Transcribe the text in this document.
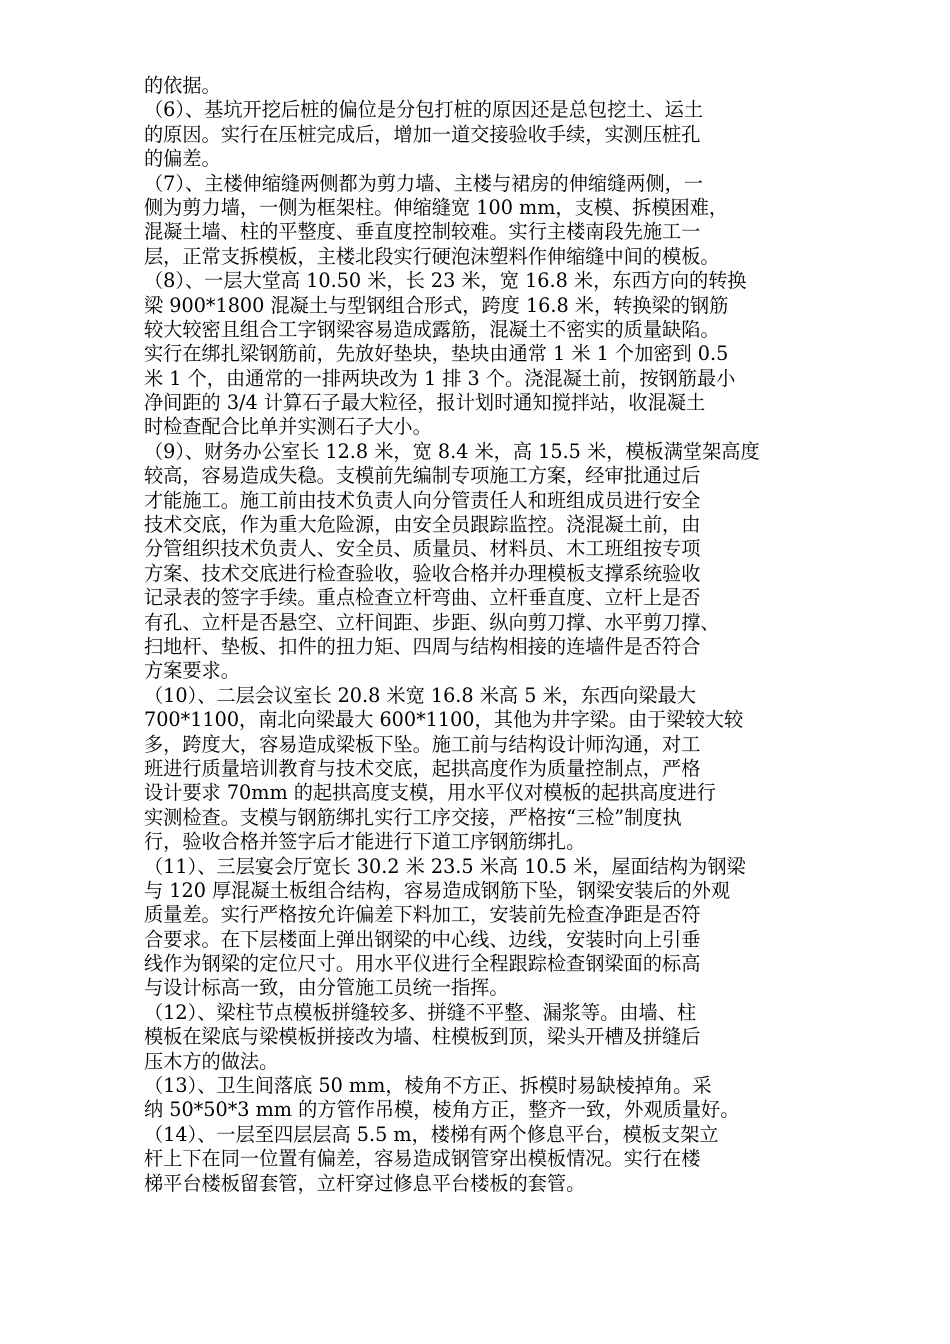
的依据。
（6）、基坑开挖后桩的偏位是分包打桩的原因还是总包挖土、运土
的原因。实行在压桩完成后，增加一道交接验收手续，实测压桩孔
的偏差。
（7）、主楼伸缩缝两侧都为剪力墙、主楼与裙房的伸缩缝两侧，一
侧为剪力墙，一侧为框架柱。伸缩缝宽 100 mm，支模、拆模困难，
混凝土墙、柱的平整度、垂直度控制较难。实行主楼南段先施工一
层，正常支拆模板，主楼北段实行硬泡沫塑料作伸缩缝中间的模板。
（8）、一层大堂高 10.50 米，长 23 米，宽 16.8 米，东西方向的转换
梁 900*1800 混凝土与型钢组合形式，跨度 16.8 米，转换梁的钢筋
较大较密且组合工字钢梁容易造成露筋，混凝土不密实的质量缺陷。
实行在绑扎梁钢筋前，先放好垫块，垫块由通常 1 米 1 个加密到 0.5
米 1 个，由通常的一排两块改为 1 排 3 个。浇混凝土前，按钢筋最小
净间距的 3/4 计算石子最大粒径，报计划时通知搅拌站，收混凝土
时检查配合比单并实测石子大小。
（9）、财务办公室长 12.8 米，宽 8.4 米，高 15.5 米，模板满堂架高度
较高，容易造成失稳。支模前先编制专项施工方案，经审批通过后
才能施工。施工前由技术负责人向分管责任人和班组成员进行安全
技术交底，作为重大危险源，由安全员跟踪监控。浇混凝土前，由
分管组织技术负责人、安全员、质量员、材料员、木工班组按专项
方案、技术交底进行检查验收，验收合格并办理模板支撑系统验收
记录表的签字手续。重点检查立杆弯曲、立杆垂直度、立杆上是否
有孔、立杆是否悬空、立杆间距、步距、纵向剪刀撑、水平剪刀撑、
扫地杆、垫板、扣件的扭力矩、四周与结构相接的连墙件是否符合
方案要求。
（10）、二层会议室长 20.8 米宽 16.8 米高 5 米，东西向梁最大
700*1100，南北向梁最大 600*1100，其他为井字梁。由于梁较大较
多，跨度大，容易造成梁板下坠。施工前与结构设计师沟通，对工
班进行质量培训教育与技术交底，起拱高度作为质量控制点，严格
设计要求 70mm 的起拱高度支模，用水平仪对模板的起拱高度进行
实测检查。支模与钢筋绑扎实行工序交接，严格按“三检”制度执
行，验收合格并签字后才能进行下道工序钢筋绑扎。
（11）、三层宴会厅宽长 30.2 米 23.5 米高 10.5 米，屋面结构为钢梁
与 120 厚混凝土板组合结构，容易造成钢筋下坠，钢梁安装后的外观
质量差。实行严格按允许偏差下料加工，安装前先检查净距是否符
合要求。在下层楼面上弹出钢梁的中心线、边线，安装时向上引垂
线作为钢梁的定位尺寸。用水平仪进行全程跟踪检查钢梁面的标高
与设计标高一致，由分管施工员统一指挥。
（12）、梁柱节点模板拼缝较多、拼缝不平整、漏浆等。由墙、柱
模板在梁底与梁模板拼接改为墙、柱模板到顶，梁头开槽及拼缝后
压木方的做法。
（13）、卫生间落底 50 mm，棱角不方正、拆模时易缺棱掉角。采
纳 50*50*3 mm 的方管作吊模，棱角方正，整齐一致，外观质量好。
（14）、一层至四层层高 5.5 m，楼梯有两个修息平台，模板支架立
杆上下在同一位置有偏差，容易造成钢管穿出模板情况。实行在楼
梯平台楼板留套管，立杆穿过修息平台楼板的套管。
